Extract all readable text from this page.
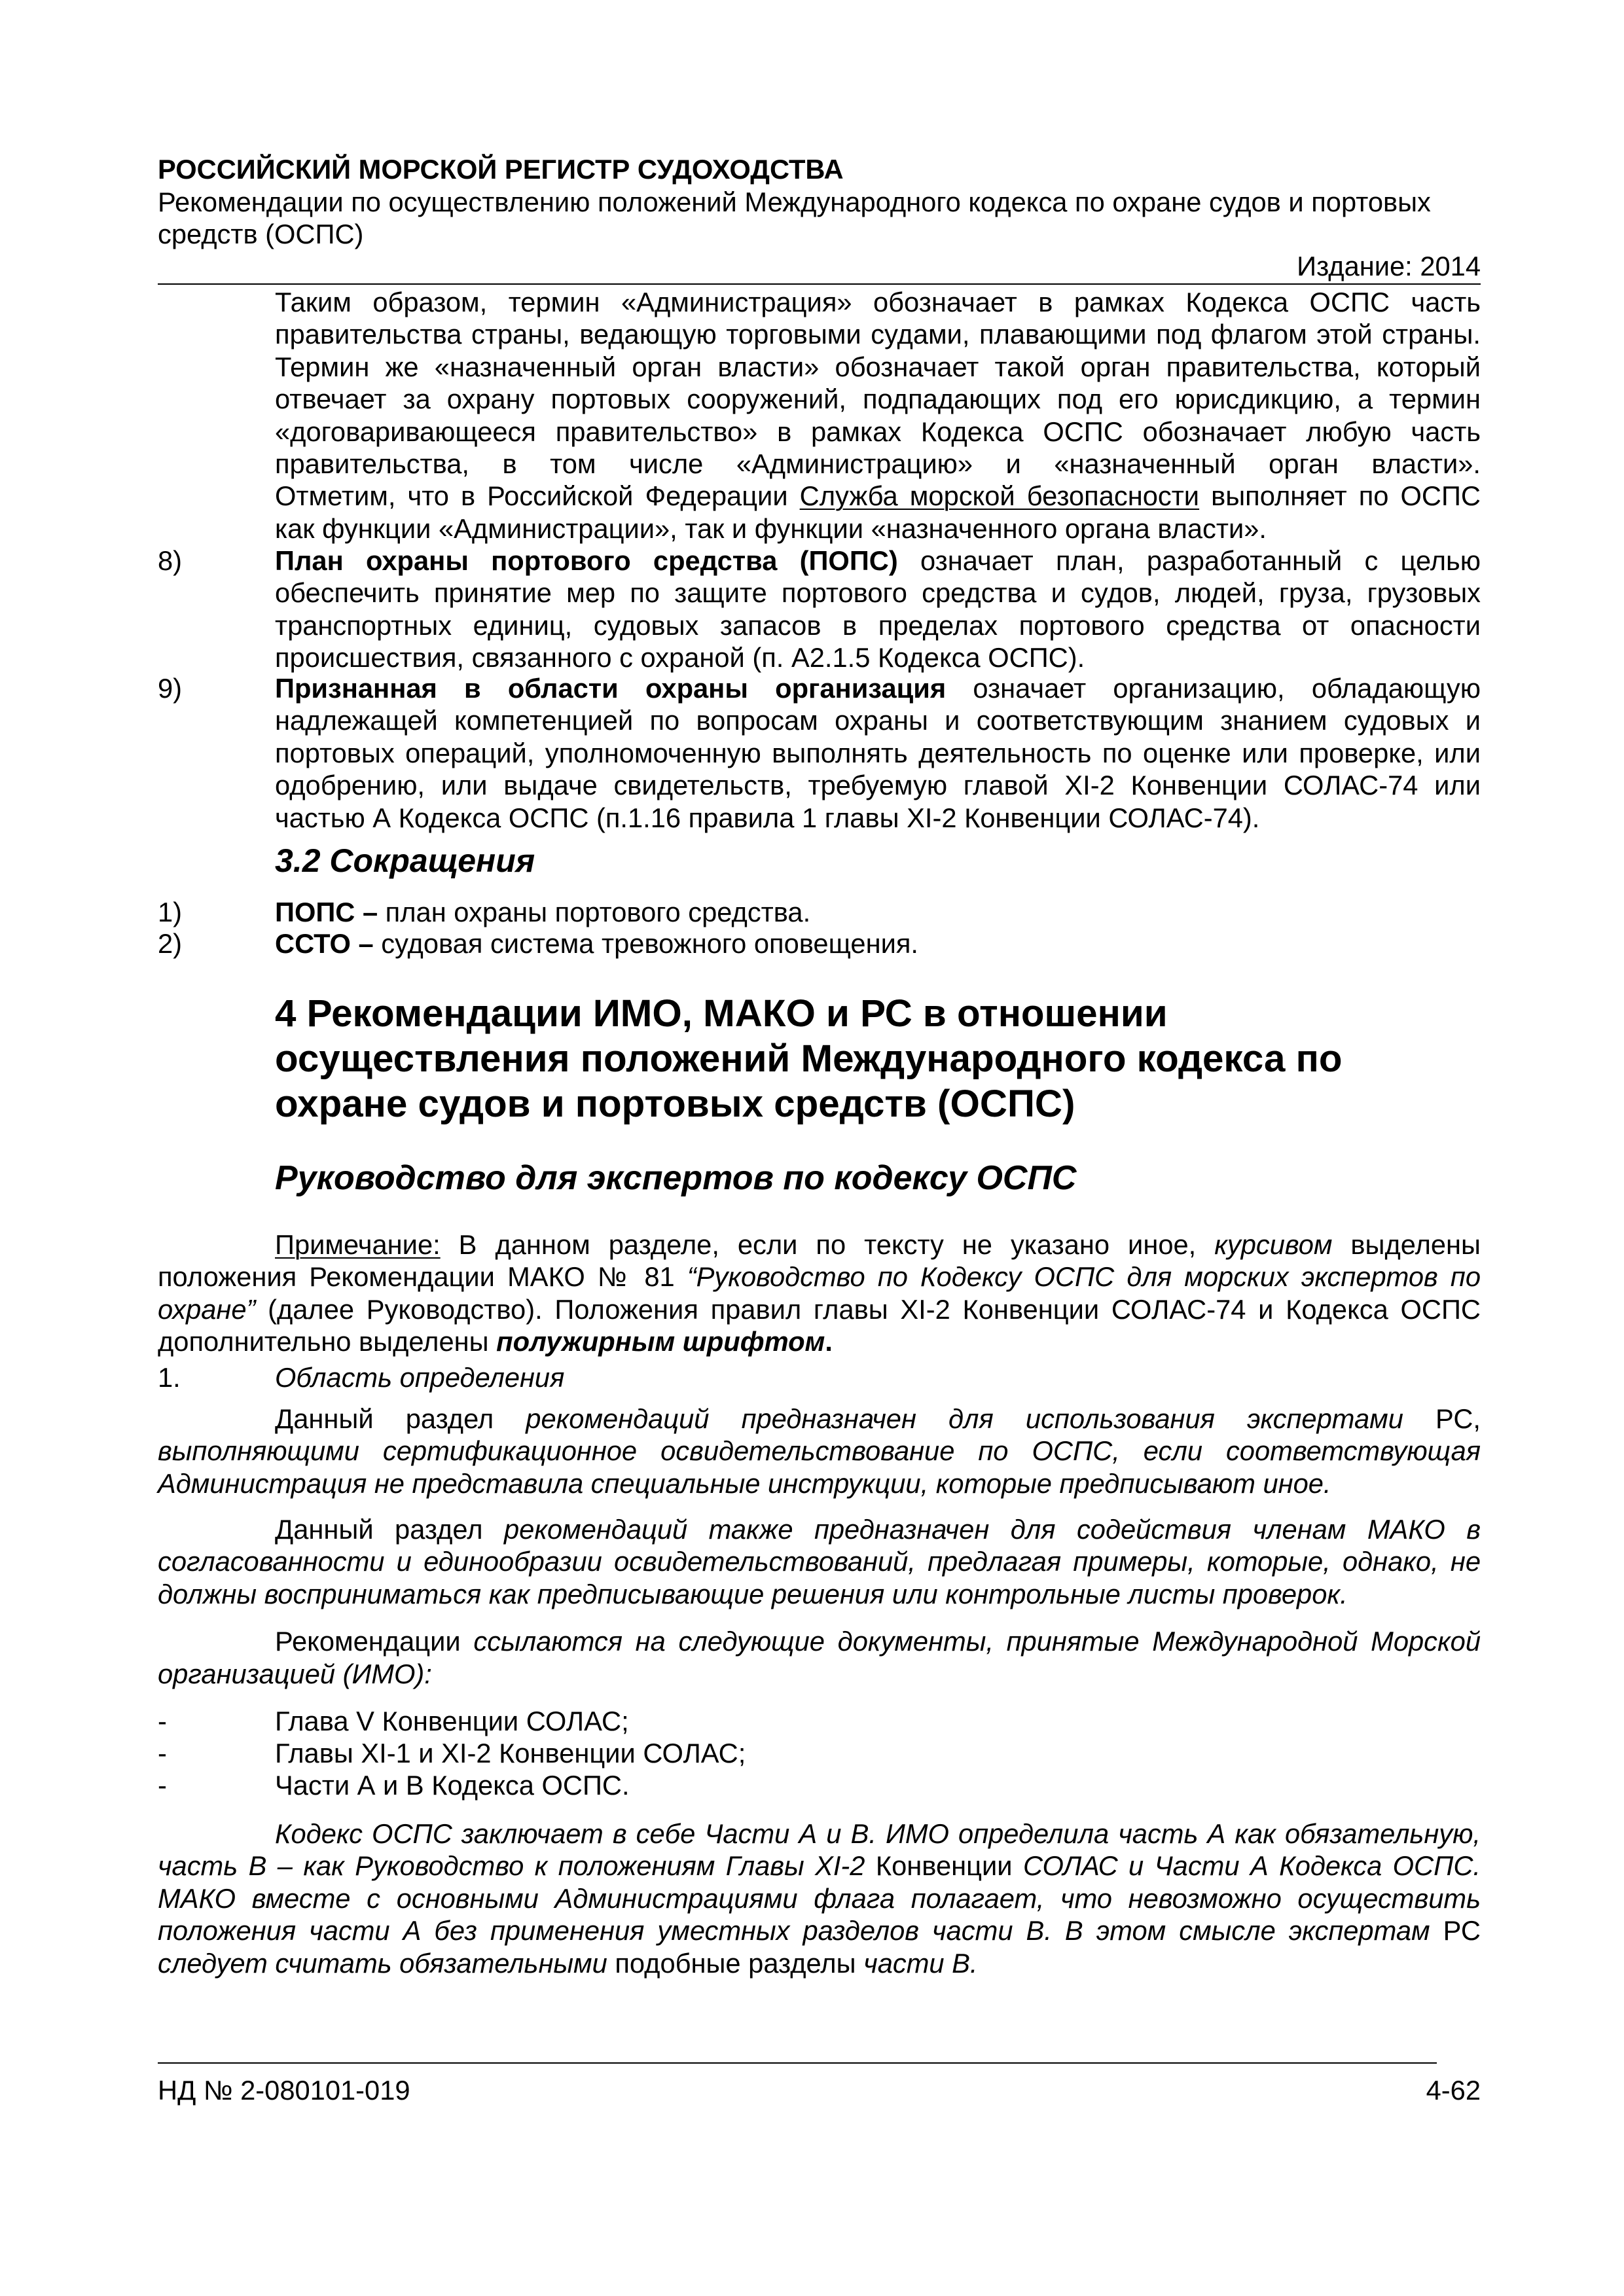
РОССИЙСКИЙ МОРСКОЙ РЕГИСТР СУДОХОДСТВА
Рекомендации по осуществлению положений Международного кодекса по охране судов и портовых
средств (ОСПС)
Издание: 2014
Таким образом, термин «Администрация» обозначает в рамках Кодекса ОСПС часть
правительства страны, ведающую торговыми судами, плавающими под флагом этой страны.
Термин же «назначенный орган власти» обозначает такой орган правительства, который
отвечает за охрану портовых сооружений, подпадающих под его юрисдикцию, а термин
«договаривающееся правительство» в рамках Кодекса ОСПС обозначает любую часть
правительства, в том числе «Администрацию» и «назначенный орган власти».
Отметим, что в Российской Федерации Служба морской безопасности выполняет по ОСПС
как функции «Администрации», так и функции «назначенного органа власти».
8)	План охраны портового средства (ПОПС) означает план, разработанный с целью
обеспечить принятие мер по защите портового средства и судов, людей, груза, грузовых
транспортных единиц, судовых запасов в пределах портового средства от опасности
происшествия, связанного с охраной (п. А2.1.5 Кодекса ОСПС).
9)	Признанная в области охраны организация означает организацию, обладающую
надлежащей компетенцией по вопросам охраны и соответствующим знанием судовых и
портовых операций, уполномоченную выполнять деятельность по оценке или проверке, или
одобрению, или выдаче свидетельств, требуемую главой XI-2 Конвенции СОЛАС-74 или
частью А Кодекса ОСПС (п.1.16 правила 1 главы XI-2 Конвенции СОЛАС-74).
3.2 Сокращения
1)	ПОПС – план охраны портового средства.
2)	ССТО – судовая система тревожного оповещения.
4 Рекомендации ИМО, МАКО и РС в отношении
осуществления положений Международного кодекса по
охране судов и портовых средств (ОСПС)
Руководство для экспертов по кодексу ОСПС
Примечание: В данном разделе, если по тексту не указано иное, курсивом выделены
положения Рекомендации МАКО № 81 “Руководство по Кодексу ОСПС для морских экспертов по
охране” (далее Руководство). Положения правил главы XI-2 Конвенции СОЛАС-74 и Кодекса ОСПС
дополнительно выделены полужирным шрифтом.
1.	Область определения
Данный раздел рекомендаций предназначен для использования экспертами РС,
выполняющими сертификационное освидетельствование по ОСПС, если соответствующая
Администрация не представила специальные инструкции, которые предписывают иное.
Данный раздел рекомендаций также предназначен для содействия членам МАКО в
согласованности и единообразии освидетельствований, предлагая примеры, которые, однако, не
должны восприниматься как предписывающие решения или контрольные листы проверок.
Рекомендации ссылаются на следующие документы, принятые Международной Морской
организацией (ИМО):
-	Глава V Конвенции СОЛАС;
-	Главы XI-1 и XI-2 Конвенции СОЛАС;
-	Части А и В Кодекса ОСПС.
Кодекс ОСПС заключает в себе Части А и В. ИМО определила часть А как обязательную,
часть В – как Руководство к положениям Главы XI-2 Конвенции СОЛАС и Части А Кодекса ОСПС.
МАКО вместе с основными Администрациями флага полагает, что невозможно осуществить
положения части А без применения уместных разделов части В. В этом смысле экспертам РС
следует считать обязательными подобные разделы части В.
НД № 2-080101-019	4-62
